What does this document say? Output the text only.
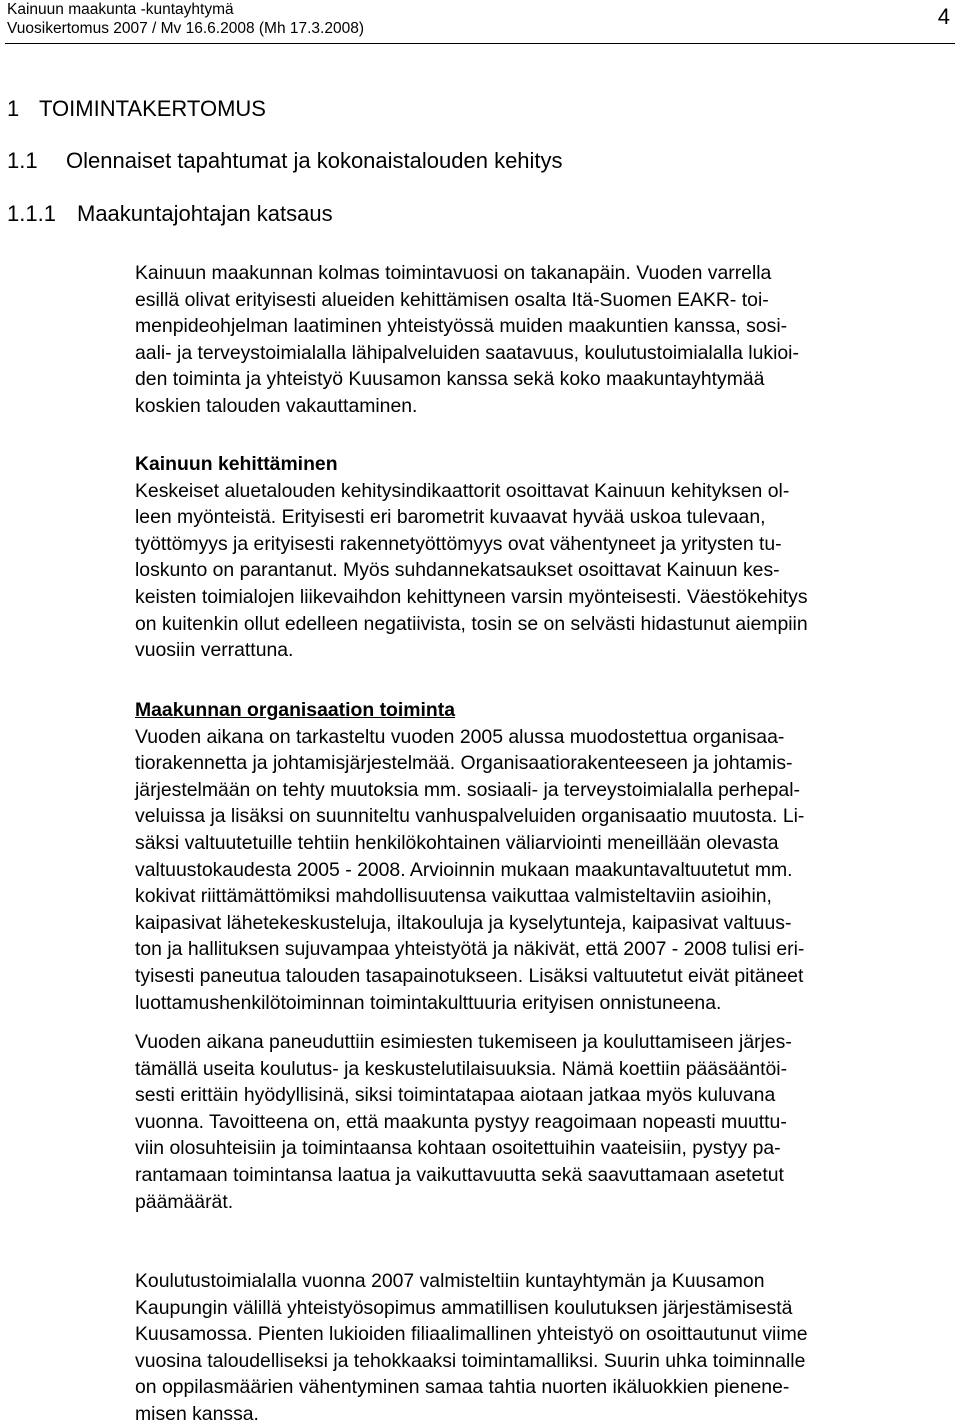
Kainuun maakunta -kuntayhtymä
Vuosikertomus 2007 / Mv 16.6.2008 (Mh 17.3.2008)	4
1 TOIMINTAKERTOMUS
1.1 Olennaiset tapahtumat ja kokonaistalouden kehitys
1.1.1 Maakuntajohtajan katsaus
Kainuun maakunnan kolmas toimintavuosi on takanapäin. Vuoden varrella
esillä olivat erityisesti alueiden kehittämisen osalta Itä-Suomen EAKR- toi-
menpideohjelman laatiminen yhteistyössä muiden maakuntien kanssa, sosi-
aali- ja terveystoimialalla lähipalveluiden saatavuus, koulutustoimialalla lukioi-
den toiminta ja yhteistyö Kuusamon kanssa sekä koko maakuntayhtymää
koskien talouden vakauttaminen.
Kainuun kehittäminen
Keskeiset aluetalouden kehitysindikaattorit osoittavat Kainuun kehityksen ol-
leen myönteistä. Erityisesti eri barometrit kuvaavat hyvää uskoa tulevaan,
työttömyys ja erityisesti rakennetyöttömyys ovat vähentyneet ja yritysten tu-
loskunto on parantanut. Myös suhdannekatsaukset osoittavat Kainuun kes-
keisten toimialojen liikevaihdon kehittyneen varsin myönteisesti. Väestökehitys
on kuitenkin ollut edelleen negatiivista, tosin se on selvästi hidastunut aiempiin
vuosiin verrattuna.
Maakunnan organisaation toiminta
Vuoden aikana on tarkasteltu vuoden 2005 alussa muodostettua organisaa-
tiorakennetta ja johtamisjärjestelmää. Organisaatiorakenteeseen ja johtamis-
järjestelmään on tehty muutoksia mm. sosiaali- ja terveystoimialalla perhepal-
veluissa ja lisäksi on suunniteltu vanhuspalveluiden organisaatio muutosta. Li-
säksi valtuutetuille tehtiin henkilökohtainen väliarviointi meneillään olevasta
valtuustokaudesta 2005 - 2008. Arvioinnin mukaan maakuntavaltuutetut mm.
kokivat riittämättömiksi mahdollisuutensa vaikuttaa valmisteltaviin asioihin,
kaipasivat lähetekeskusteluja, iltakouluja ja kyselytunteja, kaipasivat valtuus-
ton ja hallituksen sujuvampaa yhteistyötä ja näkivät, että 2007 - 2008 tulisi eri-
tyisesti paneutua talouden tasapainotukseen. Lisäksi valtuutetut eivät pitäneet
luottamushenkilötoiminnan toimintakulttuuria erityisen onnistuneena.
Vuoden aikana paneuduttiin esimiesten tukemiseen ja kouluttamiseen järjes-
tämällä useita koulutus- ja keskustelutilaisuuksia. Nämä koettiin pääsääntöi-
sesti erittäin hyödyllisinä, siksi toimintatapaa aiotaan jatkaa myös kuluvana
vuonna. Tavoitteena on, että maakunta pystyy reagoimaan nopeasti muuttu-
viin olosuhteisiin ja toimintaansa kohtaan osoitettuihin vaateisiin, pystyy pa-
rantamaan toimintansa laatua ja vaikuttavuutta sekä saavuttamaan asetetut
päämäärät.
Koulutustoimialalla vuonna 2007 valmisteltiin kuntayhtymän ja Kuusamon
Kaupungin välillä yhteistyösopimus ammatillisen koulutuksen järjestämisestä
Kuusamossa. Pienten lukioiden filiaalimallinen yhteistyö on osoittautunut viime
vuosina taloudelliseksi ja tehokkaaksi toimintamalliksi. Suurin uhka toiminnalle
on oppilasmäärien vähentyminen samaa tahtia nuorten ikäluokkien pienene-
misen kanssa.
